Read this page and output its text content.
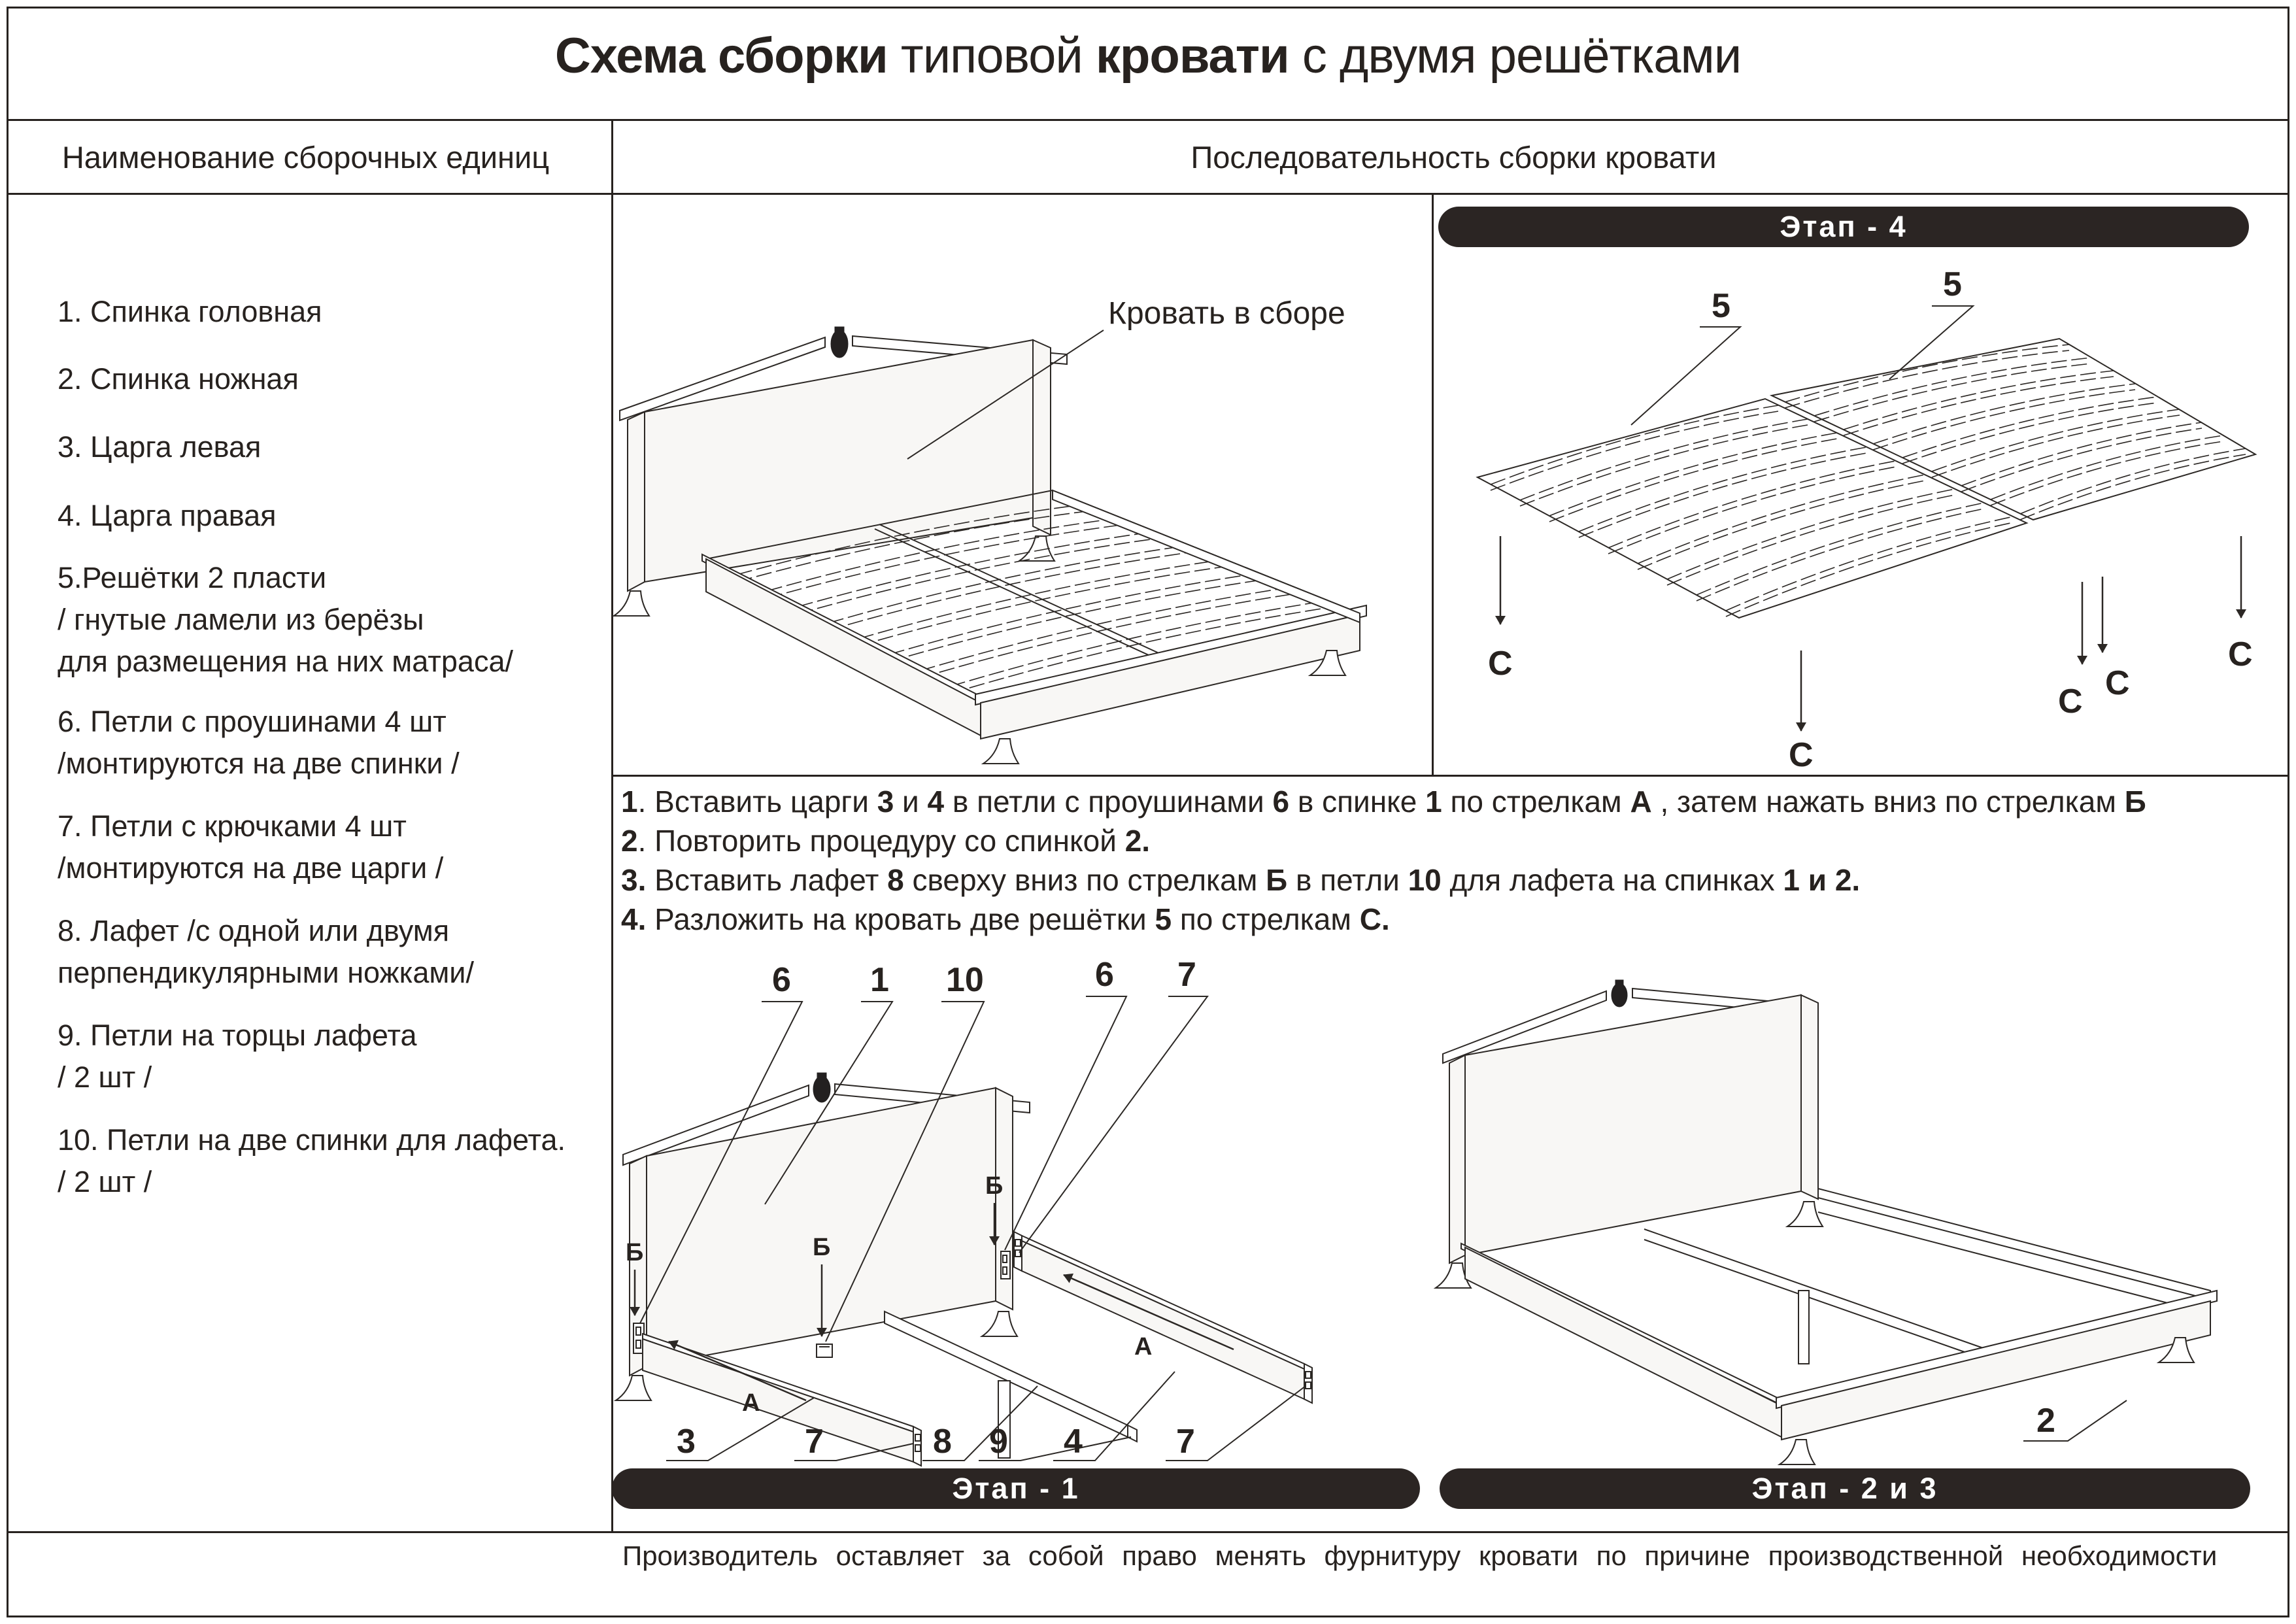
Схема сборки типовой кровати с двумя решётками
Наименование сборочных единиц	Последовательность сборки кровати
1. Спинка головная
2. Спинка ножная
3. Царга левая
4. Царга правая
5.Решётки 2 пласти
/ гнутые ламели из берёзы
для размещения на них матраса/
6. Петли с проушинами 4 шт
/монтируются на две спинки /
7. Петли с крючками 4 шт
/монтируются на две царги /
8. Лафет /с одной или двумя
перпендикулярными ножками/
9. Петли на торцы лафета
/ 2 шт /
10. Петли на две спинки для лафета.
/ 2 шт /
Кровать в сборе
Этап - 4
5
5
С
С
С С
С
1. Вставить царги 3 и 4 в петли с проушинами 6 в спинке 1 по стрелкам А , затем нажать вниз по стрелкам Б
2. Повторить процедуру со спинкой 2.
3. Вставить лафет 8 сверху вниз по стрелкам Б в петли 10 для лафета на спинках 1 и 2.
4. Разложить на кровать две решётки 5 по стрелкам С.
Б	Б
Б
А
А
6 1 10	6 7
3	7	8 9 4	7
2
Этап - 1	Этап - 2 и 3
Производитель оставляет за собой право менять фурнитуру кровати по причине производственной необходимости
